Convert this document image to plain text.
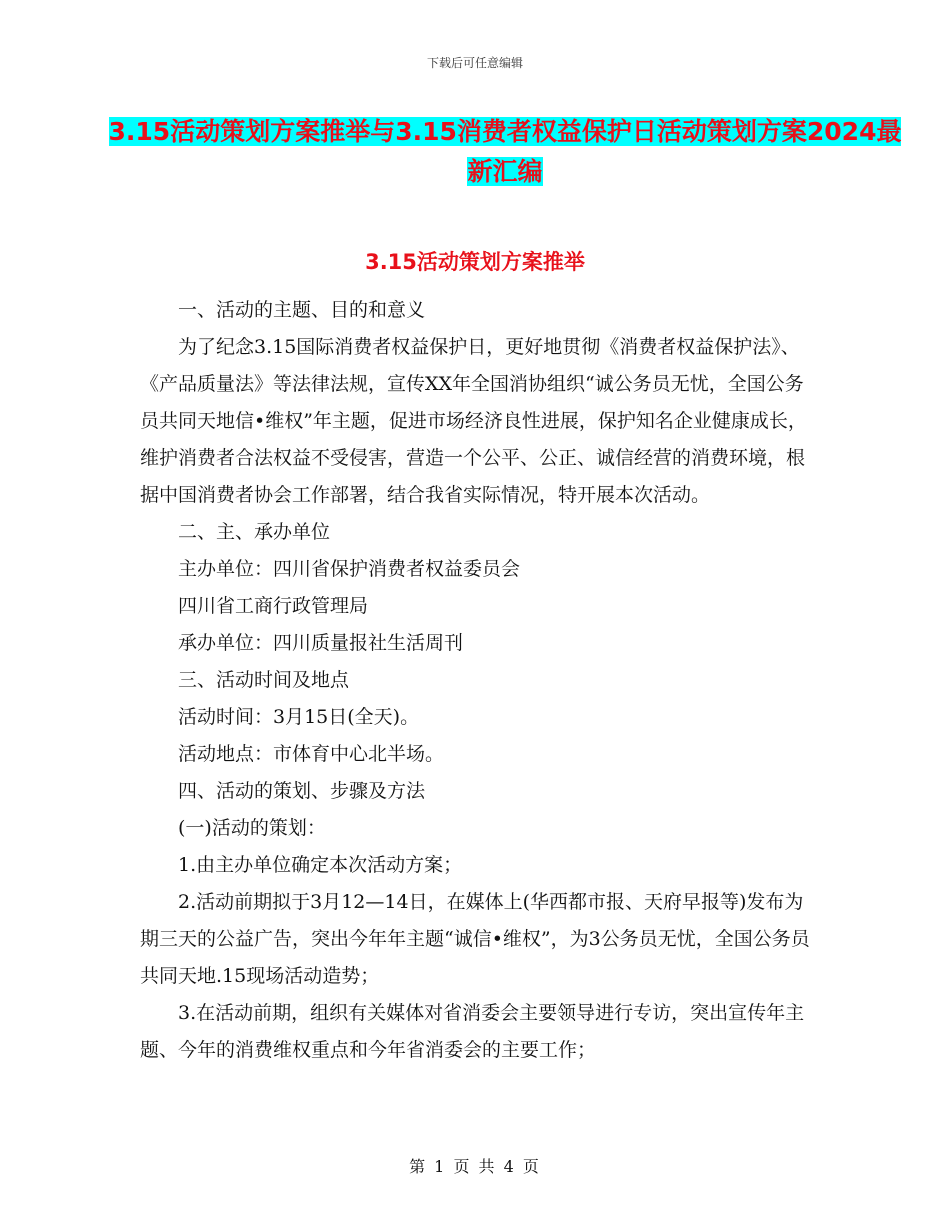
下载后可任意编辑
3.15活动策划方案推举与3.15消费者权益保护日活动策划方案2024最新汇编
3.15活动策划方案推举

一、活动的主题、目的和意义

为了纪念3.15国际消费者权益保护日，更好地贯彻《消费者权益保护法》、《产品质量法》等法律法规，宣传XX年全国消协组织“诚公务员无忧，全国公务员共同天地信•维权”年主题，促进市场经济良性进展，保护知名企业健康成长，维护消费者合法权益不受侵害，营造一个公平、公正、诚信经营的消费环境，根据中国消费者协会工作部署，结合我省实际情况，特开展本次活动。

二、主、承办单位

主办单位：四川省保护消费者权益委员会

四川省工商行政管理局

承办单位：四川质量报社生活周刊

三、活动时间及地点

活动时间：3月15日(全天)。

活动地点：市体育中心北半场。

四、活动的策划、步骤及方法

(一)活动的策划：

1.由主办单位确定本次活动方案；

2.活动前期拟于3月12—14日，在媒体上(华西都市报、天府早报等)发布为期三天的公益广告，突出今年年主题“诚信•维权”，为3公务员无忧，全国公务员共同天地.15现场活动造势；

3.在活动前期，组织有关媒体对省消委会主要领导进行专访，突出宣传年主题、今年的消费维权重点和今年省消委会的主要工作；

第 1 页 共 4 页
